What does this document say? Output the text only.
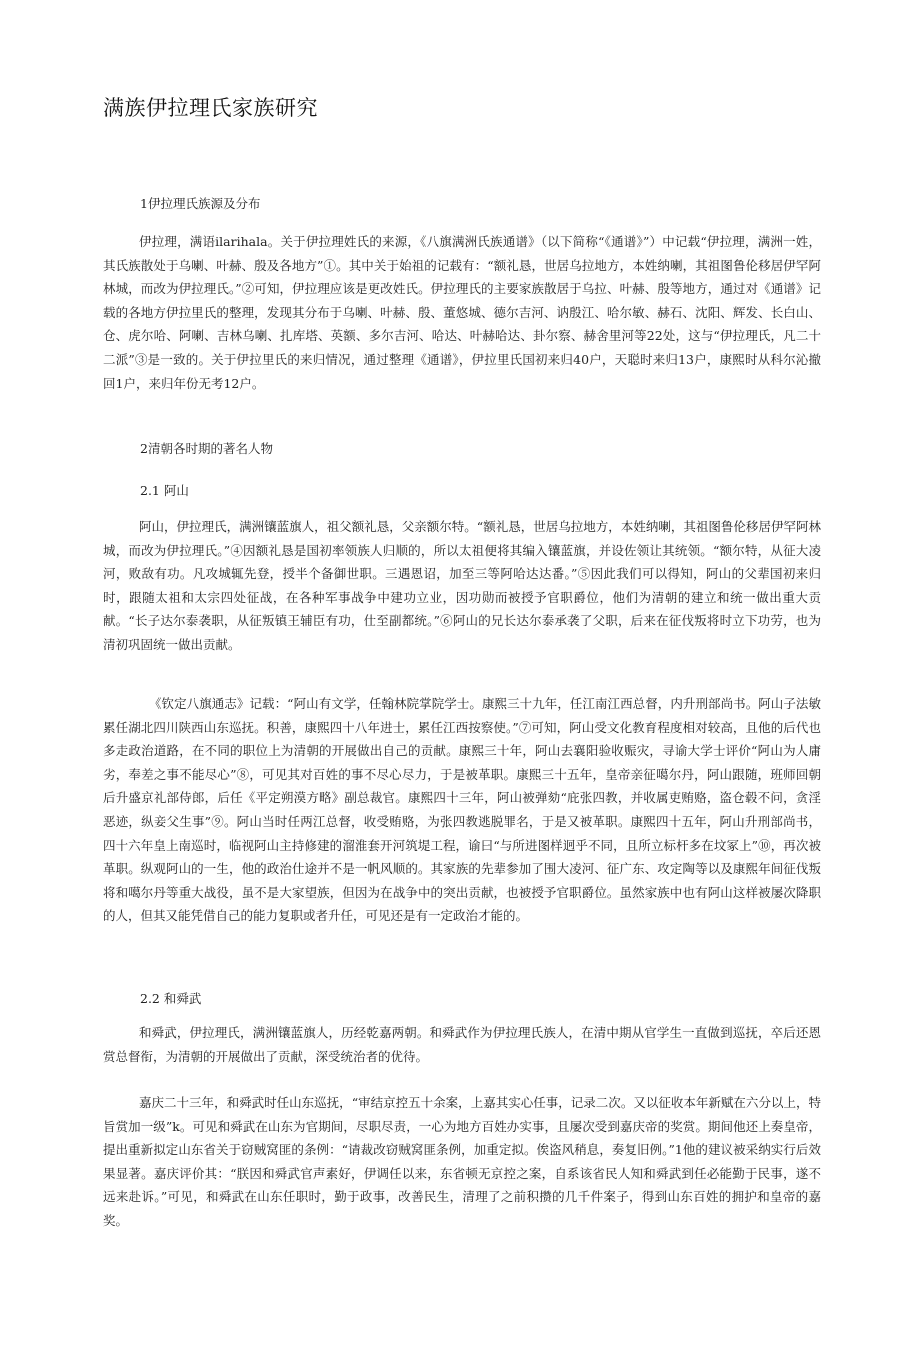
满族伊拉理氏家族研究

1伊拉理氏族源及分布

伊拉理，满语ilarihala。关于伊拉理姓氏的来源，《八旗满洲氏族通谱》（以下简称“《通谱》”）中记载“伊拉理，满洲一姓，其氏族散处于乌喇、叶赫、殷及各地方”①。其中关于始祖的记载有：“额礼恳，世居乌拉地方，本姓纳喇，其祖图鲁伦移居伊罕阿林城，而改为伊拉理氏。”②可知，伊拉理应该是更改姓氏。伊拉理氏的主要家族散居于乌拉、叶赫、殷等地方，通过对《通谱》记载的各地方伊拉里氏的整理，发现其分布于乌喇、叶赫、殷、董悠城、德尔吉河、讷殷江、哈尔敏、赫石、沈阳、辉发、长白山、仓、虎尔哈、阿喇、吉林乌喇、扎库塔、英额、多尔吉河、哈达、叶赫哈达、卦尔察、赫舍里河等22处，这与“伊拉理氏，凡二十二派”③是一致的。关于伊拉里氏的来归情况，通过整理《通谱》，伊拉里氏国初来归40户，天聪时来归13户，康熙时从科尔沁撤回1户，来归年份无考12户。

2清朝各时期的著名人物

2.1 阿山

阿山，伊拉理氏，满洲镶蓝旗人，祖父额礼恳，父亲额尔特。“额礼恳，世居乌拉地方，本姓纳喇，其祖图鲁伦移居伊罕阿林城，而改为伊拉理氏。”④因额礼恳是国初率领族人归顺的，所以太祖便将其编入镶蓝旗，并设佐领让其统领。“额尔特，从征大凌河，败敌有功。凡攻城辄先登，授半个备御世职。三遇恩诏，加至三等阿哈达达番。”⑤因此我们可以得知，阿山的父辈国初来归时，跟随太祖和太宗四处征战，在各种军事战争中建功立业，因功勋而被授予官职爵位，他们为清朝的建立和统一做出重大贡献。“长子达尔泰袭职，从征叛镇王辅臣有功，仕至副都统。”⑥阿山的兄长达尔泰承袭了父职，后来在征伐叛将时立下功劳，也为清初巩固统一做出贡献。

《钦定八旗通志》记载：“阿山有文学，任翰林院掌院学士。康熙三十九年，任江南江西总督，内升刑部尚书。阿山子法敏累任湖北四川陕西山东巡抚。积善，康熙四十八年进士，累任江西按察使。”⑦可知，阿山受文化教育程度相对较高，且他的后代也多走政治道路，在不同的职位上为清朝的开展做出自己的贡献。康熙三十年，阿山去襄阳验收赈灾，寻谕大学士评价“阿山为人庸劣，奉差之事不能尽心”⑧，可见其对百姓的事不尽心尽力，于是被革职。康熙三十五年，皇帝亲征噶尔丹，阿山跟随，班师回朝后升盛京礼部侍郎，后任《平定朔漠方略》副总裁官。康熙四十三年，阿山被弹劾“庇张四教，并收属吏贿赂，盗仓毂不问，贪淫恶迹，纵妾父生事”⑨。阿山当时任两江总督，收受贿赂，为张四教逃脱罪名，于是又被革职。康熙四十五年，阿山升刑部尚书，四十六年皇上南巡时，临视阿山主持修建的溜淮套开河筑堤工程，谕曰“与所进图样迥乎不同，且所立标杆多在坟冢上”⑩，再次被革职。纵观阿山的一生，他的政治仕途并不是一帆风顺的。其家族的先辈参加了围大凌河、征广东、攻定陶等以及康熙年间征伐叛将和噶尔丹等重大战役，虽不是大家望族，但因为在战争中的突出贡献，也被授予官职爵位。虽然家族中也有阿山这样被屡次降职的人，但其又能凭借自己的能力复职或者升任，可见还是有一定政治才能的。

2.2 和舜武

和舜武，伊拉理氏，满洲镶蓝旗人，历经乾嘉两朝。和舜武作为伊拉理氏族人，在清中期从官学生一直做到巡抚，卒后还恩赏总督衔，为清朝的开展做出了贡献，深受统治者的优待。

嘉庆二十三年，和舜武时任山东巡抚，“审结京控五十余案，上嘉其实心任事，记录二次。又以征收本年新赋在六分以上，特旨赏加一级”k。可见和舜武在山东为官期间，尽职尽责，一心为地方百姓办实事，且屡次受到嘉庆帝的奖赏。期间他还上奏皇帝，提出重新拟定山东省关于窃贼窝匪的条例：“请裁改窃贼窝匪条例，加重定拟。俟盗风稍息，奏复旧例。”1他的建议被采纳实行后效果显著。嘉庆评价其：“朕因和舜武官声素好，伊调任以来，东省顿无京控之案，自系该省民人知和舜武到任必能勤于民事，遂不远来赴诉。”可见，和舜武在山东任职时，勤于政事，改善民生，清理了之前积攒的几千件案子，得到山东百姓的拥护和皇帝的嘉奖。
